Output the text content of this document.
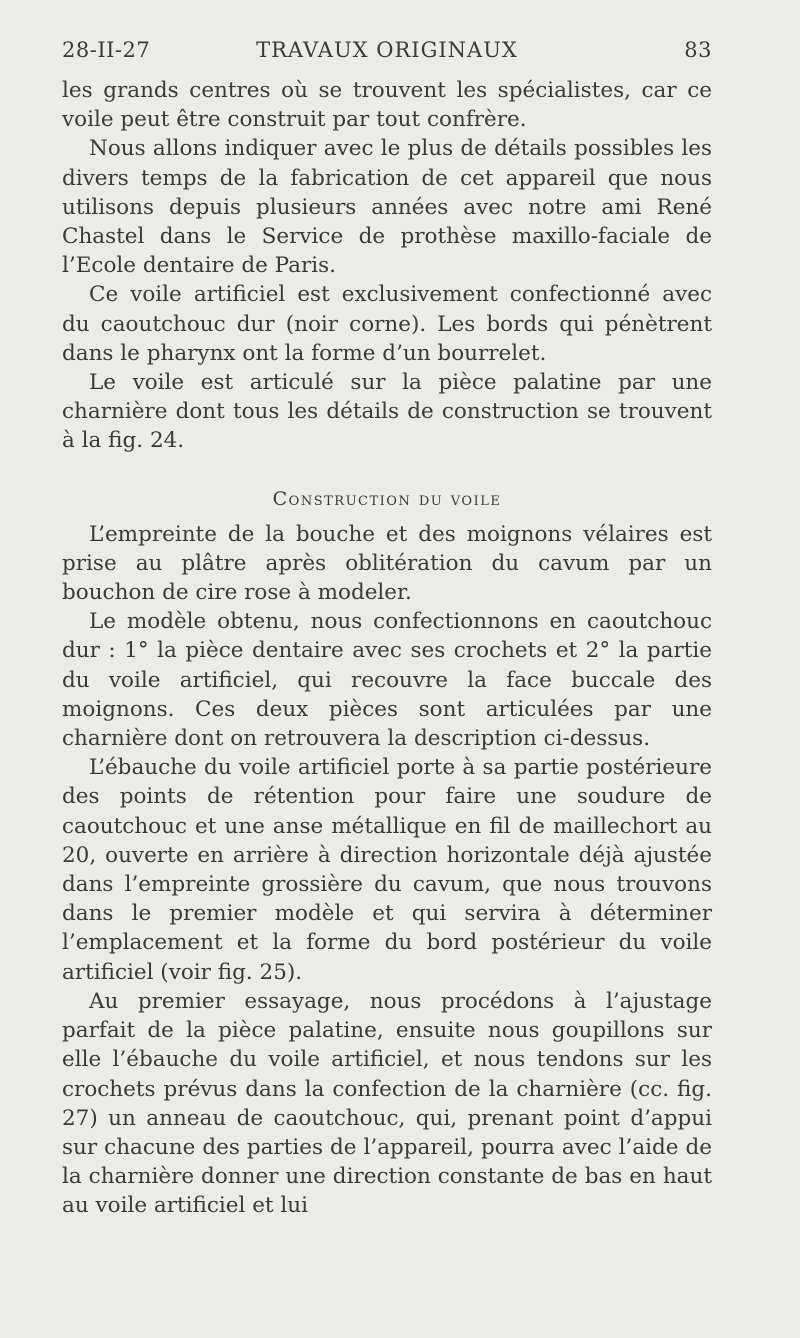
28-II-27	TRAVAUX ORIGINAUX	83

les grands centres où se trouvent les spécialistes, car ce voile peut être construit par tout confrère.

Nous allons indiquer avec le plus de détails possibles les divers temps de la fabrication de cet appareil que nous utilisons depuis plusieurs années avec notre ami René Chastel dans le Service de prothèse maxillo-faciale de l’Ecole dentaire de Paris.

Ce voile artificiel est exclusivement confectionné avec du caoutchouc dur (noir corne). Les bords qui pénètrent dans le pharynx ont la forme d’un bourrelet.

Le voile est articulé sur la pièce palatine par une charnière dont tous les détails de construction se trouvent à la fig. 24.

Construction du voile

L’empreinte de la bouche et des moignons vélaires est prise au plâtre après oblitération du cavum par un bouchon de cire rose à modeler.

Le modèle obtenu, nous confectionnons en caoutchouc dur : 1° la pièce dentaire avec ses crochets et 2° la partie du voile artificiel, qui recouvre la face buccale des moignons. Ces deux pièces sont articulées par une charnière dont on retrouvera la description ci-dessus.

L’ébauche du voile artificiel porte à sa partie postérieure des points de rétention pour faire une soudure de caoutchouc et une anse métallique en fil de maillechort au 20, ouverte en arrière à direction horizontale déjà ajustée dans l’empreinte grossière du cavum, que nous trouvons dans le premier modèle et qui servira à déterminer l’emplacement et la forme du bord postérieur du voile artificiel (voir fig. 25).

Au premier essayage, nous procédons à l’ajustage parfait de la pièce palatine, ensuite nous goupillons sur elle l’ébauche du voile artificiel, et nous tendons sur les crochets prévus dans la confection de la charnière (cc. fig. 27) un anneau de caoutchouc, qui, prenant point d’appui sur chacune des parties de l’appareil, pourra avec l’aide de la charnière donner une direction constante de bas en haut au voile artificiel et lui
